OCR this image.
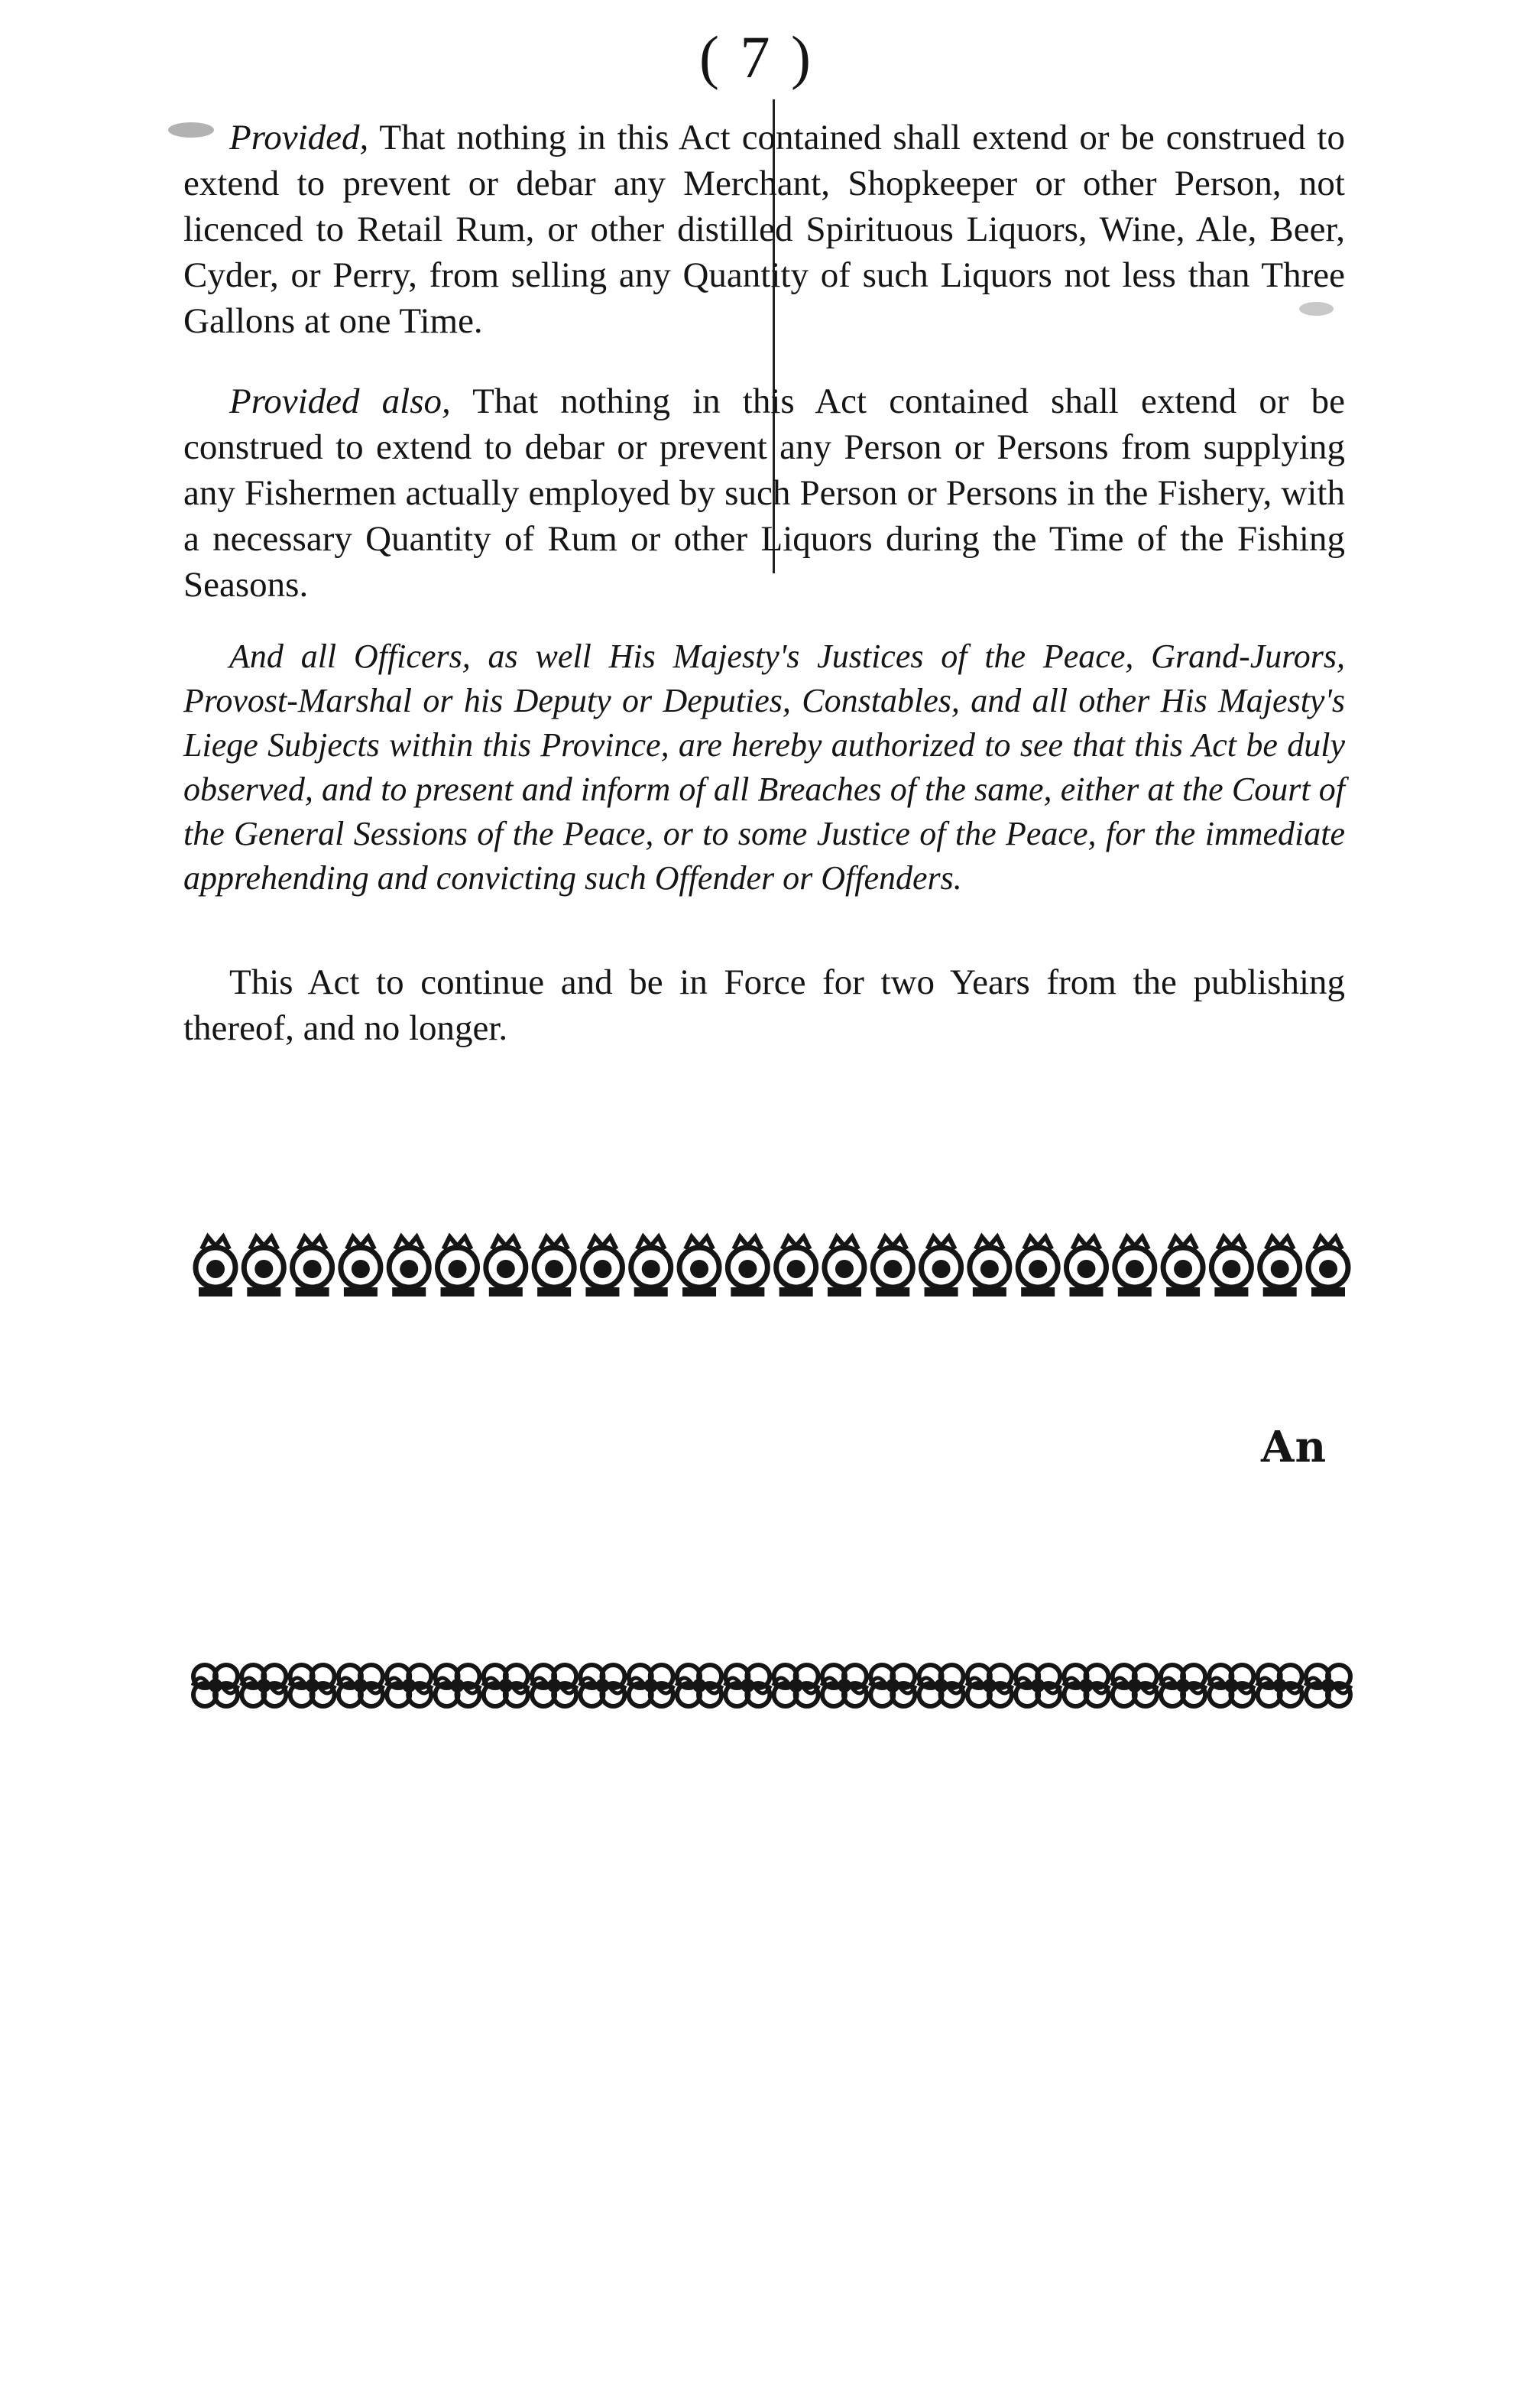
( 7 )

Provided, That nothing in this Act contained shall extend or be construed to extend to prevent or debar any Merchant, Shopkeeper or other Person, not licenced to Retail Rum, or other distilled Spirituous Liquors, Wine, Ale, Beer, Cyder, or Perry, from selling any Quantity of such Liquors not less than Three Gallons at one Time.

Provided also, That nothing in this Act contained shall extend or be construed to extend to debar or prevent any Person or Persons from supplying any Fishermen actually employed by such Person or Persons in the Fishery, with a necessary Quantity of Rum or other Liquors during the Time of the Fishing Seasons.

And all Officers, as well His Majesty's Justices of the Peace, Grand-Jurors, Provost-Marshal or his Deputy or Deputies, Constables, and all other His Majesty's Liege Subjects within this Province, are hereby authorized to see that this Act be duly observed, and to present and inform of all Breaches of the same, either at the Court of the General Sessions of the Peace, or to some Justice of the Peace, for the immediate apprehending and convicting such Offender or Offenders.

This Act to continue and be in Force for two Years from the publishing thereof, and no longer.

An
